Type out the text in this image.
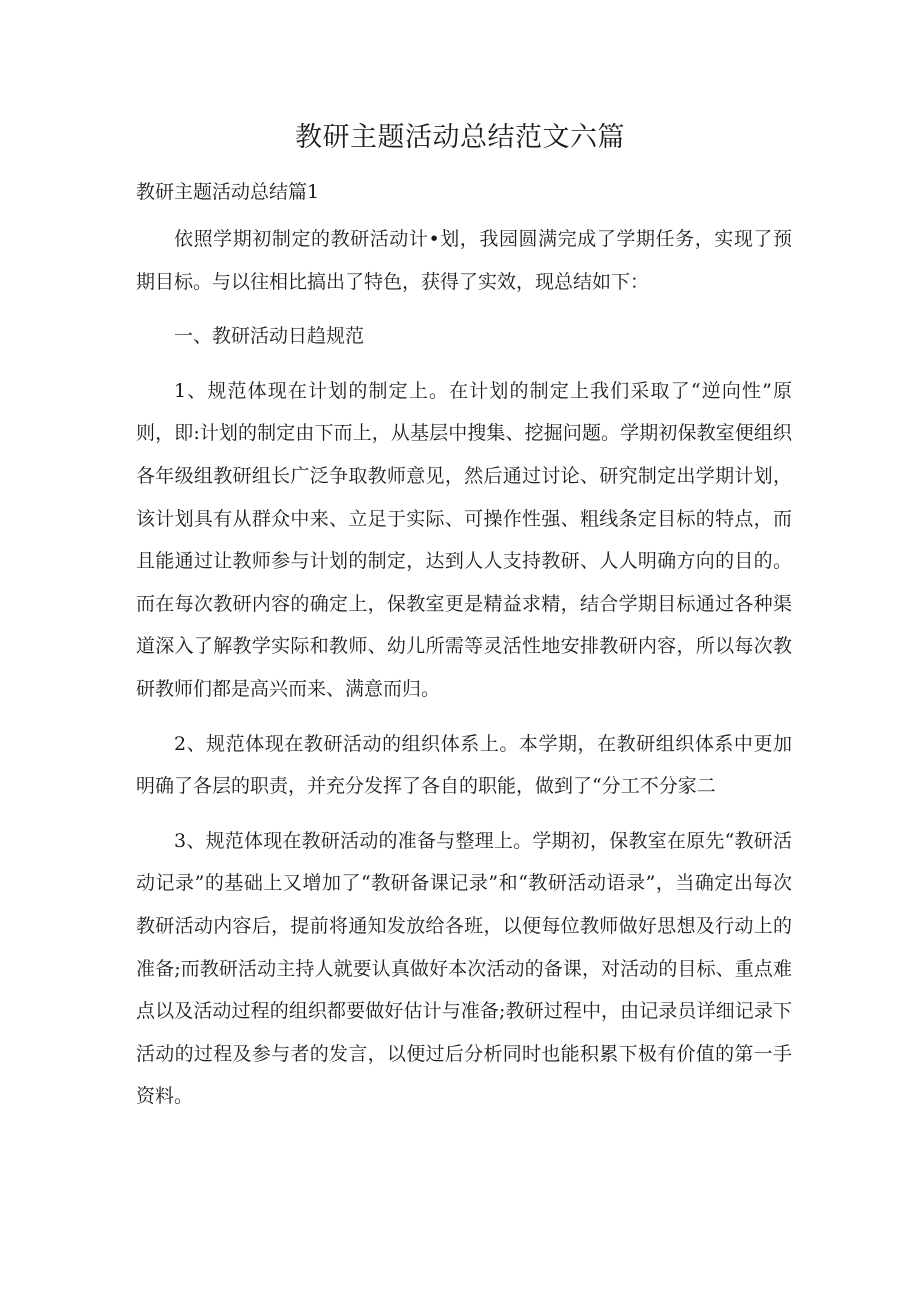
教研主题活动总结范文六篇
教研主题活动总结篇1

依照学期初制定的教研活动计•划，我园圆满完成了学期任务，实现了预期目标。与以往相比搞出了特色，获得了实效，现总结如下：

一、教研活动日趋规范

1、规范体现在计划的制定上。在计划的制定上我们采取了“逆向性”原则，即:计划的制定由下而上，从基层中搜集、挖掘问题。学期初保教室便组织各年级组教研组长广泛争取教师意见，然后通过讨论、研究制定出学期计划，该计划具有从群众中来、立足于实际、可操作性强、粗线条定目标的特点，而且能通过让教师参与计划的制定，达到人人支持教研、人人明确方向的目的。而在每次教研内容的确定上，保教室更是精益求精，结合学期目标通过各种渠道深入了解教学实际和教师、幼儿所需等灵活性地安排教研内容，所以每次教研教师们都是高兴而来、满意而归。

2、规范体现在教研活动的组织体系上。本学期，在教研组织体系中更加明确了各层的职责，并充分发挥了各自的职能，做到了“分工不分家二

3、规范体现在教研活动的准备与整理上。学期初，保教室在原先“教研活动记录”的基础上又增加了“教研备课记录”和“教研活动语录”，当确定出每次教研活动内容后，提前将通知发放给各班，以便每位教师做好思想及行动上的准备;而教研活动主持人就要认真做好本次活动的备课，对活动的目标、重点难点以及活动过程的组织都要做好估计与准备;教研过程中，由记录员详细记录下活动的过程及参与者的发言，以便过后分析同时也能积累下极有价值的第一手资料。
